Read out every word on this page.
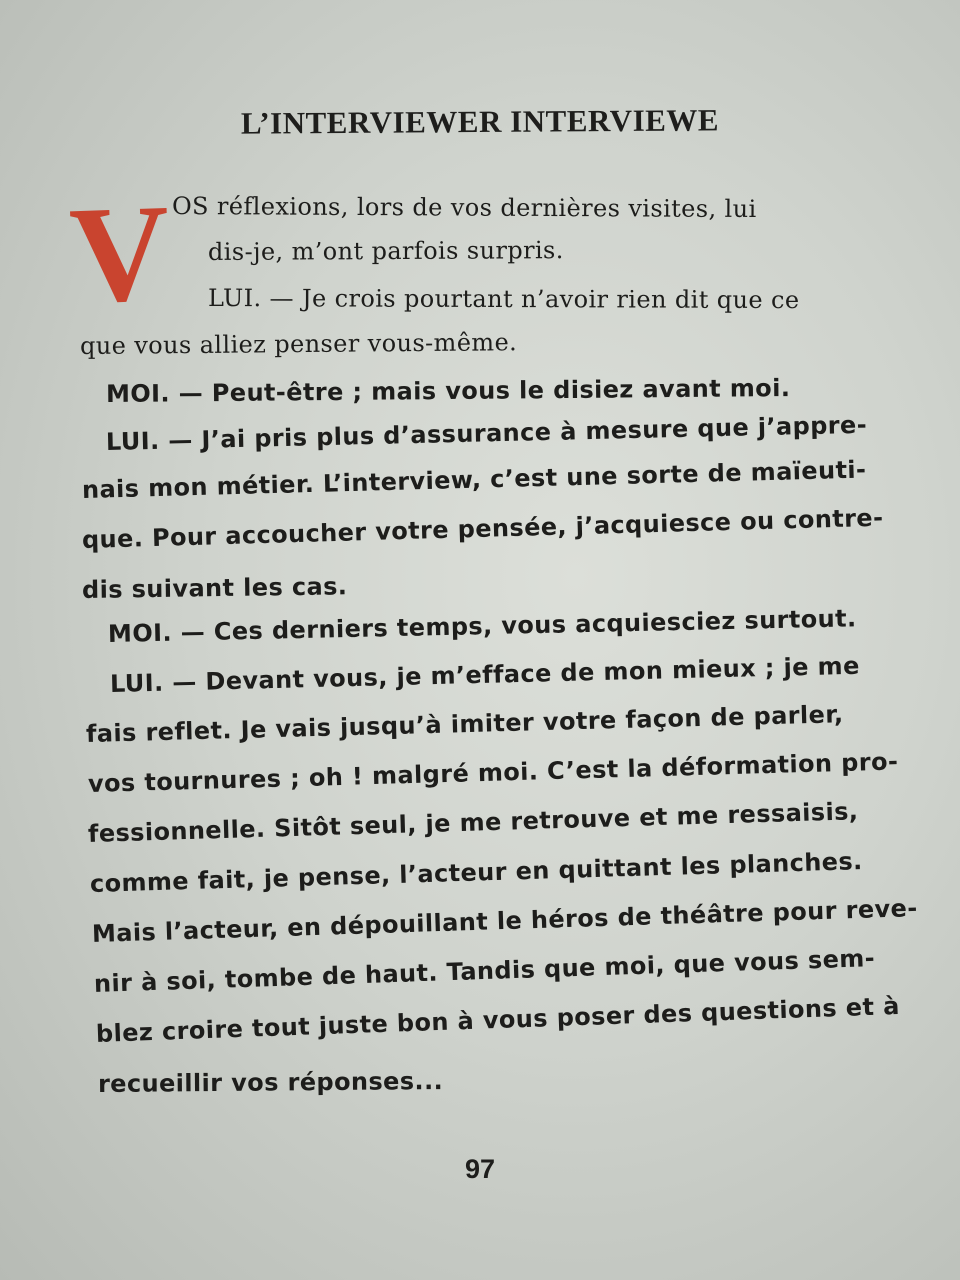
L’INTERVIEWER INTERVIEWE
V OS réflexions, lors de vos dernières visites, lui
dis-je, m’ont parfois surpris.
LUI. — Je crois pourtant n’avoir rien dit que ce
que vous alliez penser vous-même.
MOI. — Peut-être ; mais vous le disiez avant moi.
LUI. — J’ai pris plus d’assurance à mesure que j’appre-
nais mon métier. L’interview, c’est une sorte de maïeuti-
que. Pour accoucher votre pensée, j’acquiesce ou contre-
dis suivant les cas.
MOI. — Ces derniers temps, vous acquiesciez surtout.
LUI. — Devant vous, je m’efface de mon mieux ; je me
fais reflet. Je vais jusqu’à imiter votre façon de parler,
vos tournures ; oh ! malgré moi. C’est la déformation pro-
fessionnelle. Sitôt seul, je me retrouve et me ressaisis,
comme fait, je pense, l’acteur en quittant les planches.
Mais l’acteur, en dépouillant le héros de théâtre pour reve-
nir à soi, tombe de haut. Tandis que moi, que vous sem-
blez croire tout juste bon à vous poser des questions et à
recueillir vos réponses...
97
